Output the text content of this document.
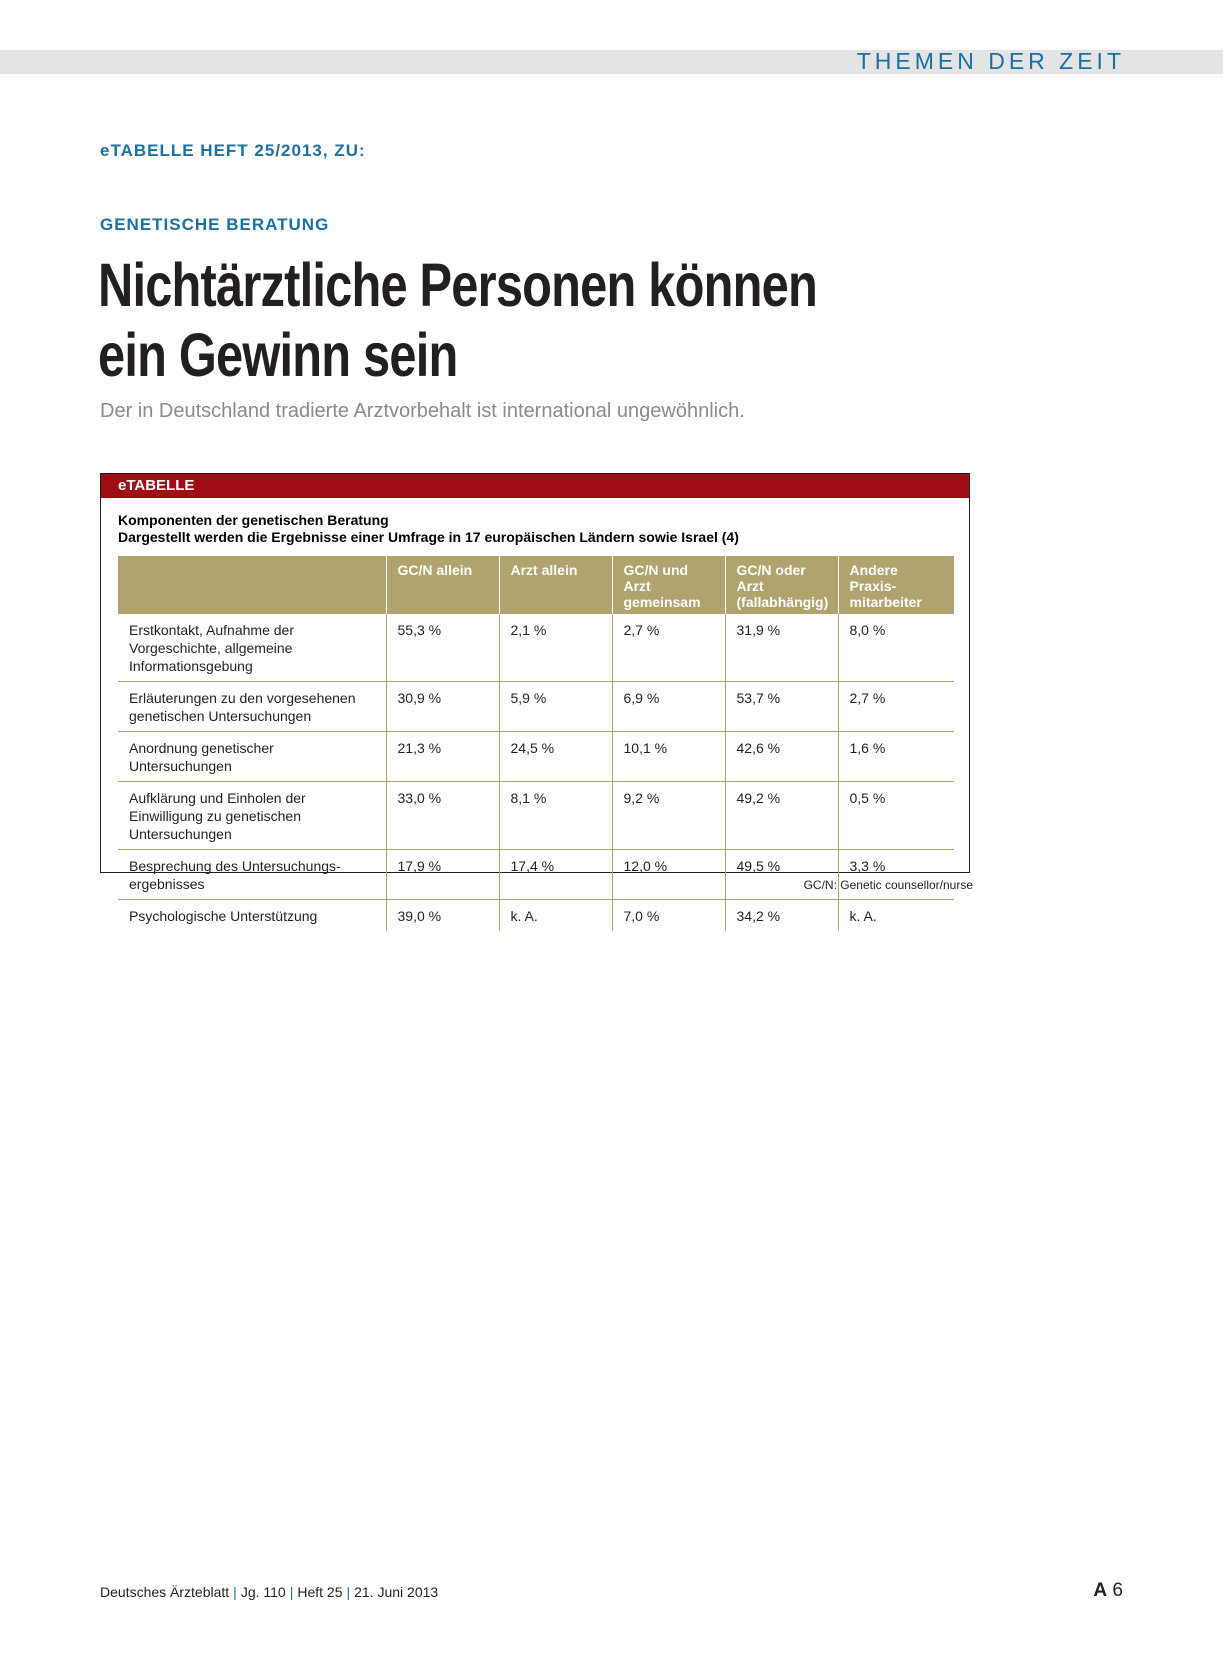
THEMEN DER ZEIT
eTABELLE HEFT 25/2013, ZU:
GENETISCHE BERATUNG
Nichtärztliche Personen können
ein Gewinn sein
Der in Deutschland tradierte Arztvorbehalt ist international ungewöhnlich.
eTABELLE
Komponenten der genetischen Beratung
Dargestellt werden die Ergebnisse einer Umfrage in 17 europäischen Ländern sowie Israel (4)
	GC/N allein	Arzt allein	GC/N und Arzt gemeinsam	GC/N oder Arzt (fallabhängig)	Andere Praxis-mitarbeiter
Erstkontakt, Aufnahme der Vorgeschichte, allgemeine Informationsgebung	55,3 %	2,1 %	2,7 %	31,9 %	8,0 %
Erläuterungen zu den vorgesehenen genetischen Untersuchungen	30,9 %	5,9 %	6,9 %	53,7 %	2,7 %
Anordnung genetischer Untersuchungen	21,3 %	24,5 %	10,1 %	42,6 %	1,6 %
Aufklärung und Einholen der Einwilligung zu genetischen Untersuchungen	33,0 %	8,1 %	9,2 %	49,2 %	0,5 %
Besprechung des Untersuchungs-ergebnisses	17,9 %	17,4 %	12,0 %	49,5 %	3,3 %
Psychologische Unterstützung	39,0 %	k. A.	7,0 %	34,2 %	k. A.
GC/N: Genetic counsellor/nurse
Deutsches Ärzteblatt | Jg. 110 | Heft 25 | 21. Juni 2013	A 6
